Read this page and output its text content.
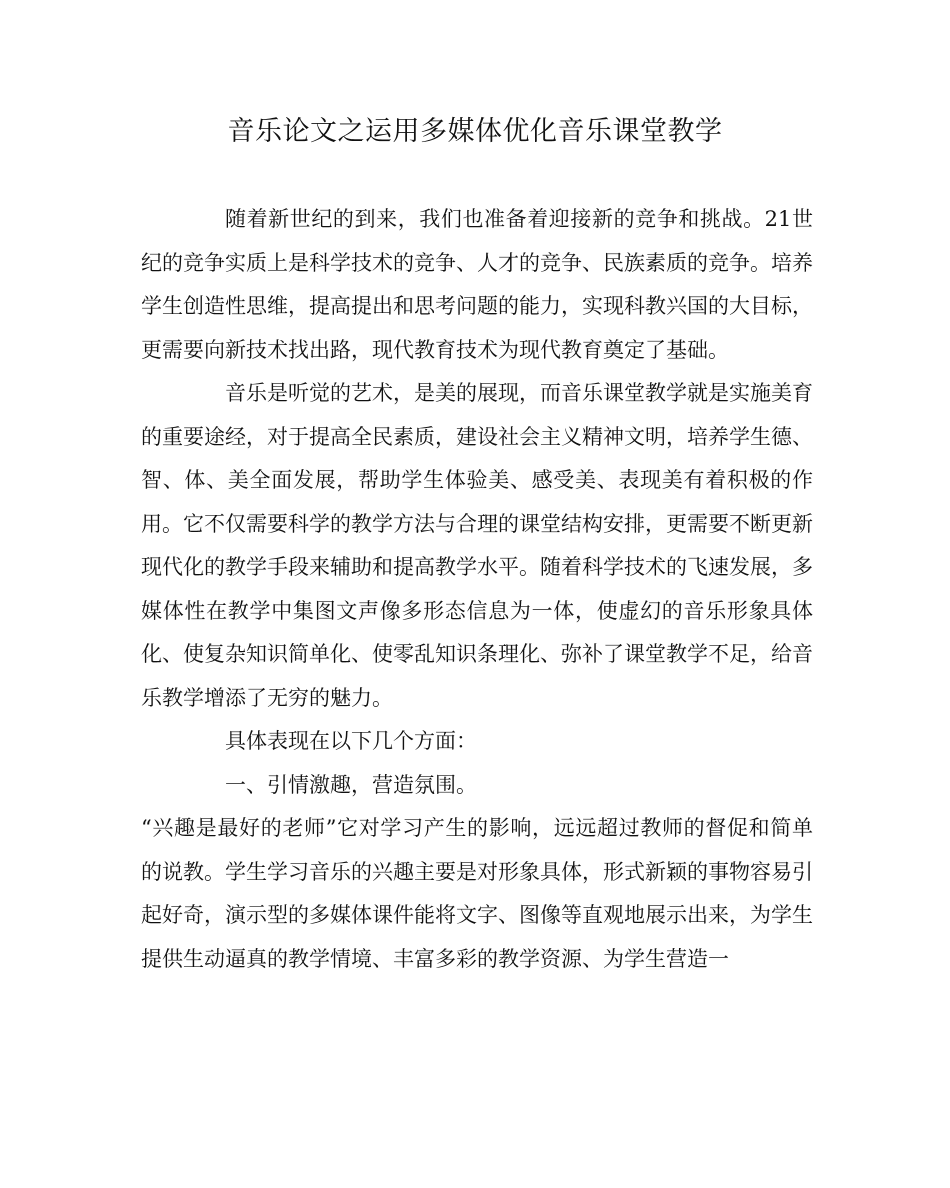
音乐论文之运用多媒体优化音乐课堂教学

随着新世纪的到来，我们也准备着迎接新的竞争和挑战。21世纪的竞争实质上是科学技术的竞争、人才的竞争、民族素质的竞争。培养学生创造性思维，提高提出和思考问题的能力，实现科教兴国的大目标，更需要向新技术找出路，现代教育技术为现代教育奠定了基础。

音乐是听觉的艺术，是美的展现，而音乐课堂教学就是实施美育的重要途经，对于提高全民素质，建设社会主义精神文明，培养学生德、智、体、美全面发展，帮助学生体验美、感受美、表现美有着积极的作用。它不仅需要科学的教学方法与合理的课堂结构安排，更需要不断更新现代化的教学手段来辅助和提高教学水平。随着科学技术的飞速发展，多媒体性在教学中集图文声像多形态信息为一体，使虚幻的音乐形象具体化、使复杂知识简单化、使零乱知识条理化、弥补了课堂教学不足，给音乐教学增添了无穷的魅力。

具体表现在以下几个方面：

一、引情激趣，营造氛围。

“兴趣是最好的老师”它对学习产生的影响，远远超过教师的督促和简单的说教。学生学习音乐的兴趣主要是对形象具体，形式新颖的事物容易引起好奇，演示型的多媒体课件能将文字、图像等直观地展示出来，为学生提供生动逼真的教学情境、丰富多彩的教学资源、为学生营造一
